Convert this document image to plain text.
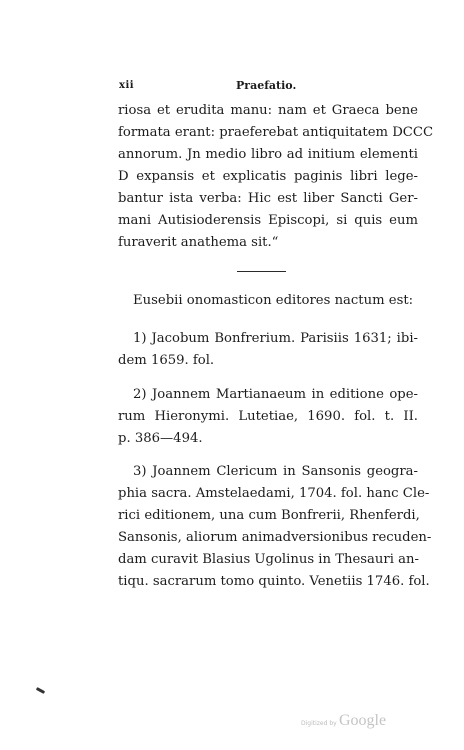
xii	Praefatio.
riosa et erudita manu: nam et Graeca bene
formata erant: praeferebat antiquitatem DCCC
annorum. Jn medio libro ad initium elementi
D expansis et explicatis paginis libri lege-
bantur ista verba: Hic est liber Sancti Ger-
mani Autisioderensis Episcopi, si quis eum
furaverit anathema sit.“
Eusebii onomasticon editores nactum est:
1) Jacobum Bonfrerium. Parisiis 1631; ibi-
dem 1659. fol.
2) Joannem Martianaeum in editione ope-
rum Hieronymi. Lutetiae, 1690. fol. t. II.
p. 386—494.
3) Joannem Clericum in Sansonis geogra-
phia sacra. Amstelaedami, 1704. fol. hanc Cle-
rici editionem, una cum Bonfrerii, Rhenferdi,
Sansonis, aliorum animadversionibus recuden-
dam curavit Blasius Ugolinus in Thesauri an-
tiqu. sacrarum tomo quinto. Venetiis 1746. fol.
Digitized by Google
